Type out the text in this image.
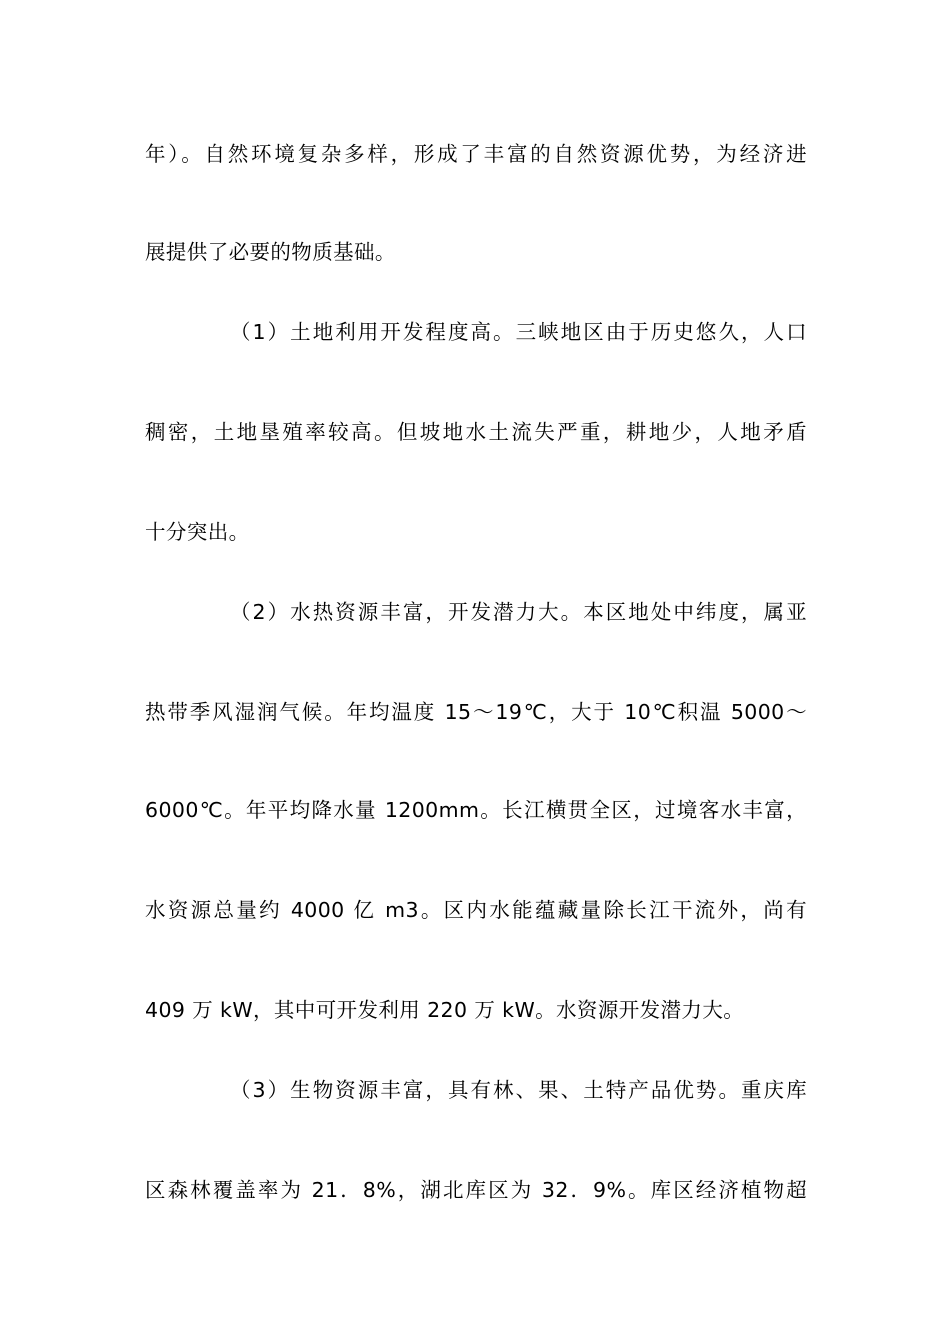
年）。自然环境复杂多样，形成了丰富的自然资源优势，为经济进
展提供了必要的物质基础。
（1）土地利用开发程度高。三峡地区由于历史悠久，人口
稠密，土地垦殖率较高。但坡地水土流失严重，耕地少，人地矛盾
十分突出。
（2）水热资源丰富，开发潜力大。本区地处中纬度，属亚
热带季风湿润气候。年均温度 15～19℃，大于 10℃积温 5000～
6000℃。年平均降水量 1200mm。长江横贯全区，过境客水丰富，
水资源总量约 4000 亿 m3。区内水能蕴藏量除长江干流外，尚有
409 万 kW，其中可开发利用 220 万 kW。水资源开发潜力大。
（3）生物资源丰富，具有林、果、土特产品优势。重庆库
区森林覆盖率为 21．8%，湖北库区为 32．9%。库区经济植物超
